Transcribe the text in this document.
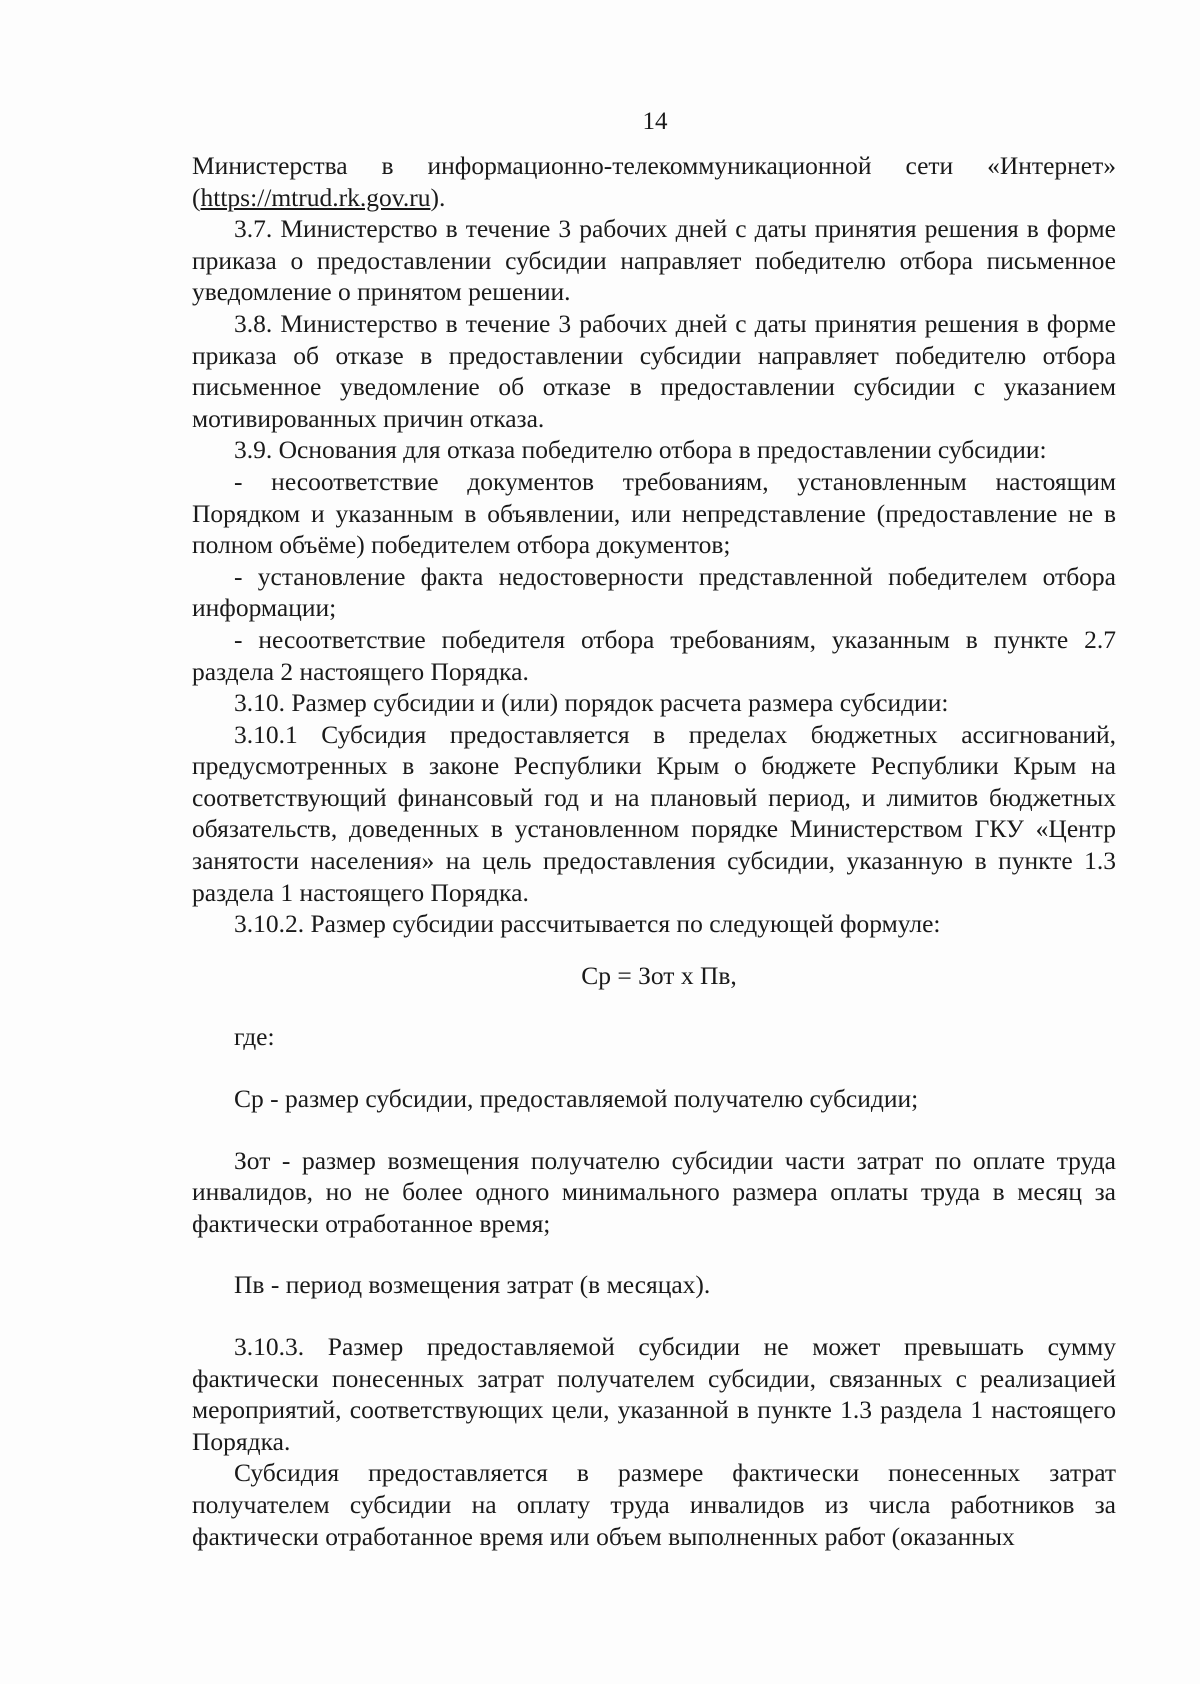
14

Министерства в информационно-телекоммуникационной сети «Интернет» (https://mtrud.rk.gov.ru).

3.7. Министерство в течение 3 рабочих дней с даты принятия решения в форме приказа о предоставлении субсидии направляет победителю отбора письменное уведомление о принятом решении.

3.8. Министерство в течение 3 рабочих дней с даты принятия решения в форме приказа об отказе в предоставлении субсидии направляет победителю отбора письменное уведомление об отказе в предоставлении субсидии с указанием мотивированных причин отказа.

3.9. Основания для отказа победителю отбора в предоставлении субсидии:

- несоответствие документов требованиям, установленным настоящим Порядком и указанным в объявлении, или непредставление (предоставление не в полном объёме) победителем отбора документов;

- установление факта недостоверности представленной победителем отбора информации;

- несоответствие победителя отбора требованиям, указанным в пункте 2.7 раздела 2 настоящего Порядка.

3.10. Размер субсидии и (или) порядок расчета размера субсидии:

3.10.1 Субсидия предоставляется в пределах бюджетных ассигнований, предусмотренных в законе Республики Крым о бюджете Республики Крым на соответствующий финансовый год и на плановый период, и лимитов бюджетных обязательств, доведенных в установленном порядке Министерством ГКУ «Центр занятости населения» на цель предоставления субсидии, указанную в пункте 1.3 раздела 1 настоящего Порядка.

3.10.2. Размер субсидии рассчитывается по следующей формуле:

Ср = Зот x Пв,

где:

Ср - размер субсидии, предоставляемой получателю субсидии;

Зот - размер возмещения получателю субсидии части затрат по оплате труда инвалидов, но не более одного минимального размера оплаты труда в месяц за фактически отработанное время;

Пв - период возмещения затрат (в месяцах).

3.10.3. Размер предоставляемой субсидии не может превышать сумму фактически понесенных затрат получателем субсидии, связанных с реализацией мероприятий, соответствующих цели, указанной в пункте 1.3 раздела 1 настоящего Порядка.

Субсидия предоставляется в размере фактически понесенных затрат получателем субсидии на оплату труда инвалидов из числа работников за фактически отработанное время или объем выполненных работ (оказанных
